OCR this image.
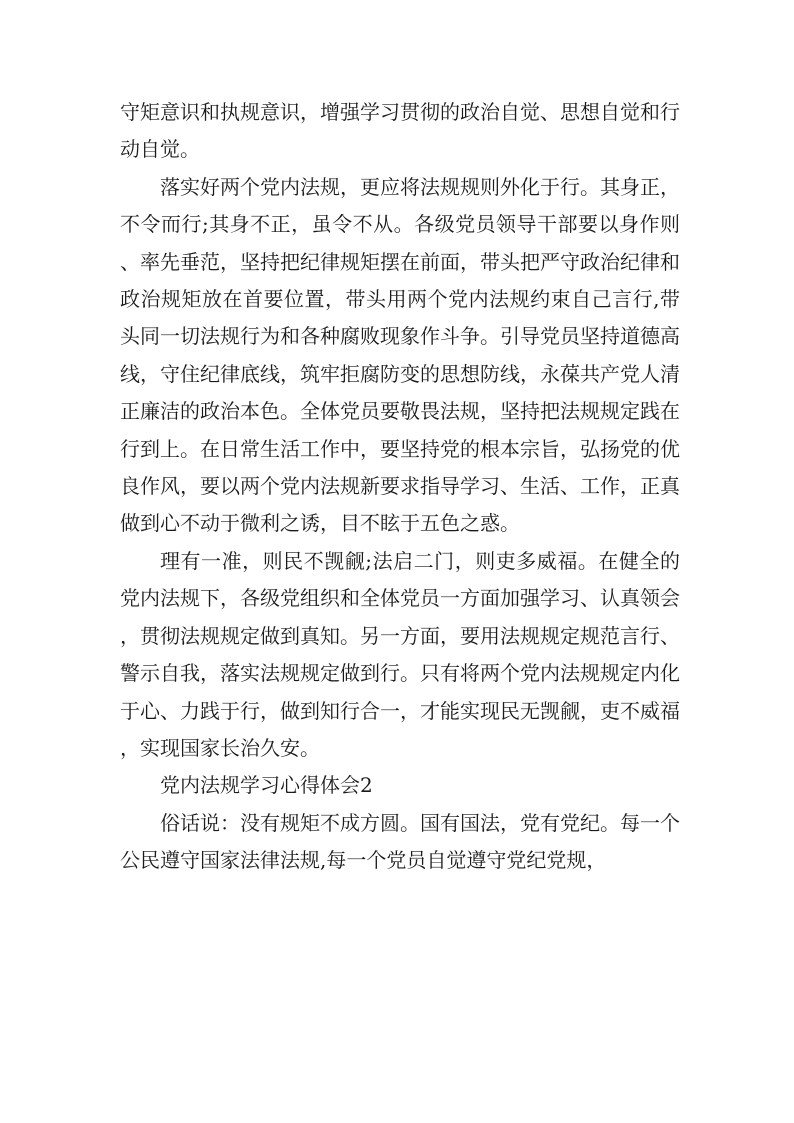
守矩意识和执规意识，增强学习贯彻的政治自觉、思想自觉和行动自觉。

落实好两个党内法规，更应将法规规则外化于行。其身正，不令而行;其身不正，虽令不从。各级党员领导干部要以身作则、率先垂范，坚持把纪律规矩摆在前面，带头把严守政治纪律和政治规矩放在首要位置，带头用两个党内法规约束自己言行,带头同一切法规行为和各种腐败现象作斗争。引导党员坚持道德高线，守住纪律底线，筑牢拒腐防变的思想防线，永葆共产党人清正廉洁的政治本色。全体党员要敬畏法规，坚持把法规规定践在行到上。在日常生活工作中，要坚持党的根本宗旨，弘扬党的优良作风，要以两个党内法规新要求指导学习、生活、工作，正真做到心不动于微利之诱，目不眩于五色之惑。

理有一准，则民不觊觎;法启二门，则吏多威福。在健全的党内法规下，各级党组织和全体党员一方面加强学习、认真领会，贯彻法规规定做到真知。另一方面，要用法规规定规范言行、警示自我，落实法规规定做到行。只有将两个党内法规规定内化于心、力践于行，做到知行合一，才能实现民无觊觎，吏不威福，实现国家长治久安。

党内法规学习心得体会2

俗话说：没有规矩不成方圆。国有国法，党有党纪。每一个公民遵守国家法律法规,每一个党员自觉遵守党纪党规，
